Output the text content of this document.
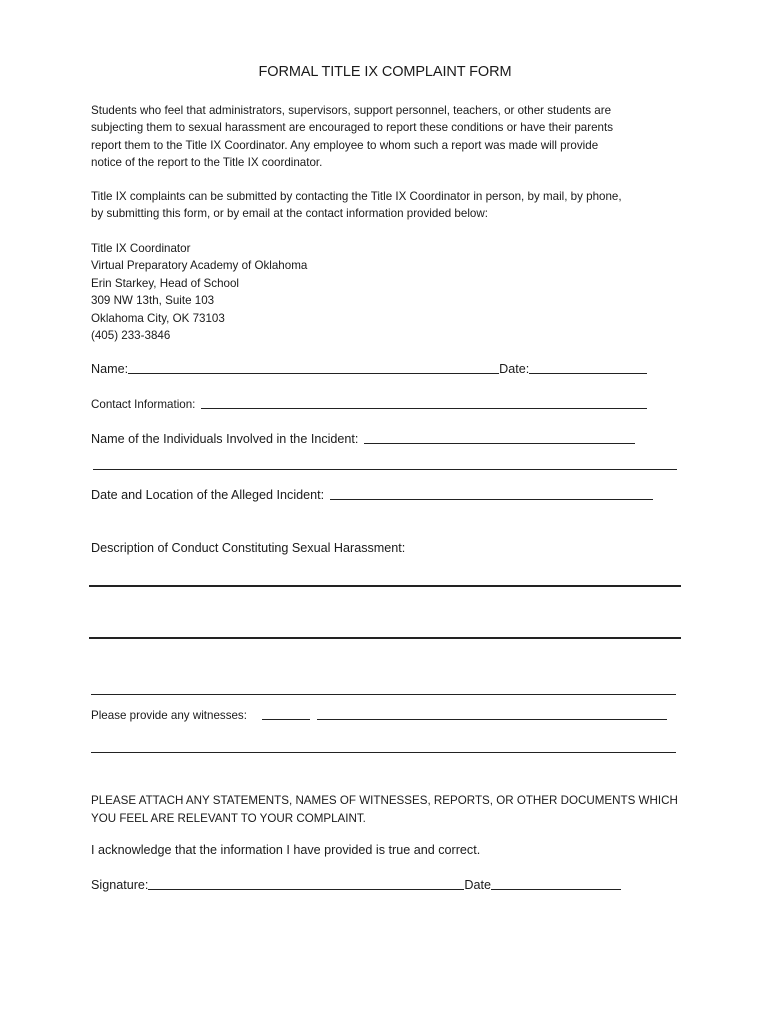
FORMAL TITLE IX COMPLAINT FORM
Students who feel that administrators, supervisors, support personnel, teachers, or other students are
subjecting them to sexual harassment are encouraged to report these conditions or have their parents
report them to the Title IX Coordinator. Any employee to whom such a report was made will provide
notice of the report to the Title IX coordinator.
Title IX complaints can be submitted by contacting the Title IX Coordinator in person, by mail, by phone,
by submitting this form, or by email at the contact information provided below:
Title IX Coordinator
Virtual Preparatory Academy of Oklahoma
Erin Starkey, Head of School
309 NW 13th, Suite 103
Oklahoma City, OK 73103
(405) 233-3846
Name:	Date:
Contact Information:
Name of the Individuals Involved in the Incident:
Date and Location of the Alleged Incident:
Description of Conduct Constituting Sexual Harassment:
Please provide any witnesses:
PLEASE ATTACH ANY STATEMENTS, NAMES OF WITNESSES, REPORTS, OR OTHER DOCUMENTS WHICH
YOU FEEL ARE RELEVANT TO YOUR COMPLAINT.
I acknowledge that the information I have provided is true and correct.
Signature:	Date
